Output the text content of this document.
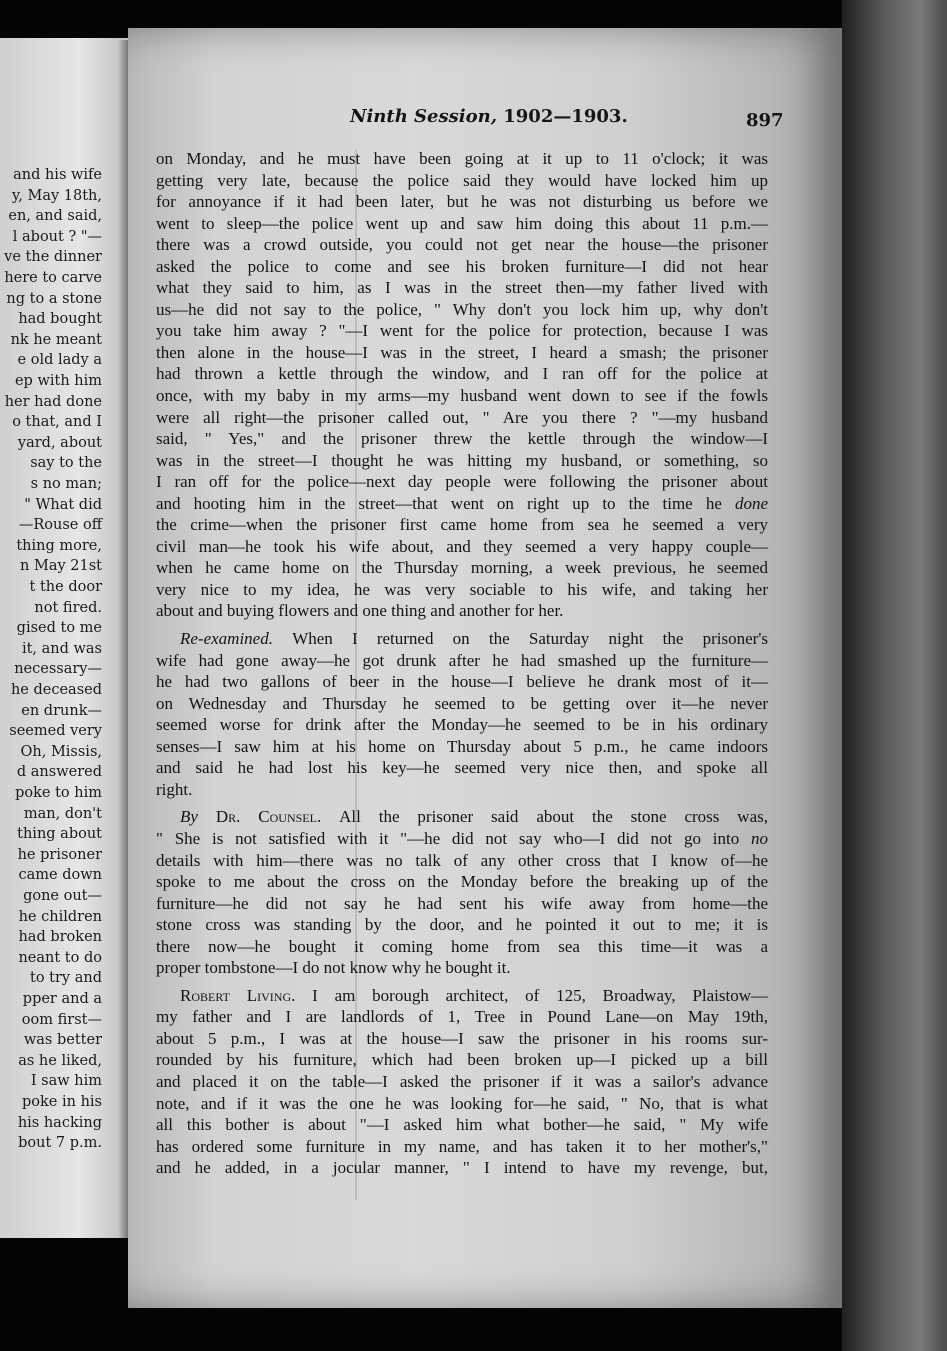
and his wife
y, May 18th,
en, and said,
l about ? "—
ve the dinner
here to carve
ng to a stone
had bought
nk he meant
e old lady a
ep with him
her had done
o that, and I
yard, about
say to the
s no man;
" What did
—Rouse off
thing more,
n May 21st
t the door
not fired.
gised to me
it, and was
necessary—
he deceased
en drunk—
seemed very
Oh, Missis,
d answered
poke to him
man, don't
thing about
he prisoner
came down
gone out—
he children
had broken
neant to do
to try and
pper and a
oom first—
was better
as he liked,
I saw him
poke in his
his hacking
bout 7 p.m.
Ninth Session, 1902—1903.	897
on Monday, and he must have been going at it up to 11 o'clock; it was
getting very late, because the police said they would have locked him up
for annoyance if it had been later, but he was not disturbing us before we
went to sleep—the police went up and saw him doing this about 11 p.m.—
there was a crowd outside, you could not get near the house—the prisoner
asked the police to come and see his broken furniture—I did not hear
what they said to him, as I was in the street then—my father lived with
us—he did not say to the police, " Why don't you lock him up, why don't
you take him away ? "—I went for the police for protection, because I was
then alone in the house—I was in the street, I heard a smash; the prisoner
had thrown a kettle through the window, and I ran off for the police at
once, with my baby in my arms—my husband went down to see if the fowls
were all right—the prisoner called out, " Are you there ? "—my husband
said, " Yes," and the prisoner threw the kettle through the window—I
was in the street—I thought he was hitting my husband, or something, so
I ran off for the police—next day people were following the prisoner about
and hooting him in the street—that went on right up to the time he done
the crime—when the prisoner first came home from sea he seemed a very
civil man—he took his wife about, and they seemed a very happy couple—
when he came home on the Thursday morning, a week previous, he seemed
very nice to my idea, he was very sociable to his wife, and taking her
about and buying flowers and one thing and another for her.
Re-examined. When I returned on the Saturday night the prisoner's
wife had gone away—he got drunk after he had smashed up the furniture—
he had two gallons of beer in the house—I believe he drank most of it—
on Wednesday and Thursday he seemed to be getting over it—he never
seemed worse for drink after the Monday—he seemed to be in his ordinary
senses—I saw him at his home on Thursday about 5 p.m., he came indoors
and said he had lost his key—he seemed very nice then, and spoke all
right.
By Dr. Counsel. All the prisoner said about the stone cross was,
" She is not satisfied with it "—he did not say who—I did not go into no
details with him—there was no talk of any other cross that I know of—he
spoke to me about the cross on the Monday before the breaking up of the
furniture—he did not say he had sent his wife away from home—the
stone cross was standing by the door, and he pointed it out to me; it is
there now—he bought it coming home from sea this time—it was a
proper tombstone—I do not know why he bought it.
Robert Living. I am borough architect, of 125, Broadway, Plaistow—
my father and I are landlords of 1, Tree in Pound Lane—on May 19th,
about 5 p.m., I was at the house—I saw the prisoner in his rooms sur-
rounded by his furniture, which had been broken up—I picked up a bill
and placed it on the table—I asked the prisoner if it was a sailor's advance
note, and if it was the one he was looking for—he said, " No, that is what
all this bother is about "—I asked him what bother—he said, " My wife
has ordered some furniture in my name, and has taken it to her mother's,"
and he added, in a jocular manner, " I intend to have my revenge, but,
